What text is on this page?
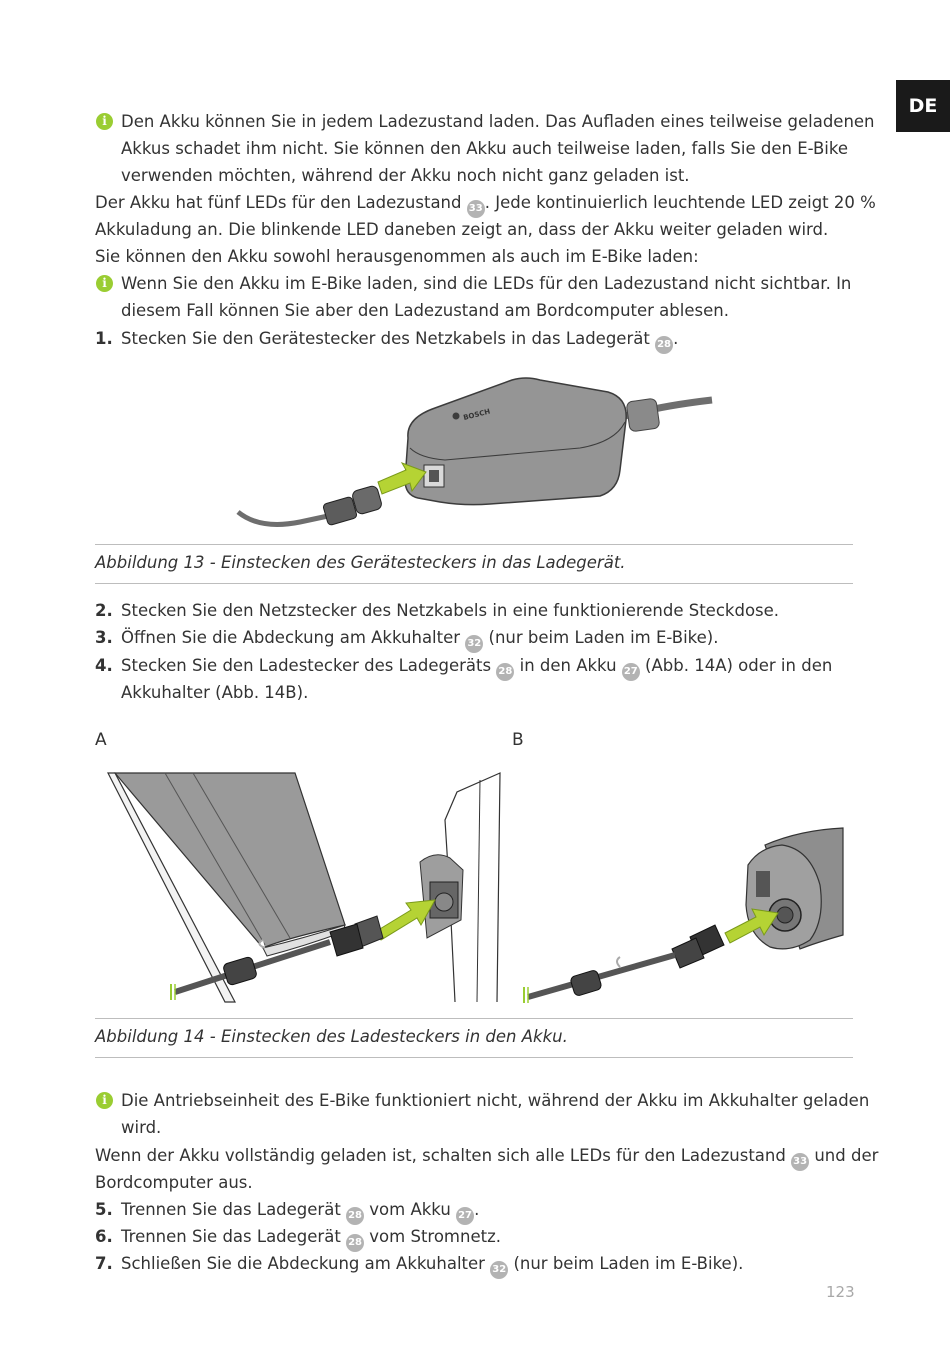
DE
i Den Akku können Sie in jedem Ladezustand laden. Das Aufladen eines teilweise geladenen
Akkus schadet ihm nicht. Sie können den Akku auch teilweise laden, falls Sie den E-Bike
verwenden möchten, während der Akku noch nicht ganz geladen ist.
Der Akku hat fünf LEDs für den Ladezustand 33 . Jede kontinuierlich leuchtende LED zeigt 20 %
Akkuladung an. Die blinkende LED daneben zeigt an, dass der Akku weiter geladen wird.
Sie können den Akku sowohl herausgenommen als auch im E-Bike laden:
i Wenn Sie den Akku im E-Bike laden, sind die LEDs für den Ladezustand nicht sichtbar. In
diesem Fall können Sie aber den Ladezustand am Bordcomputer ablesen.
1. Stecken Sie den Gerätestecker des Netzkabels in das Ladegerät 28 .
BOSCH
Abbildung 13 - Einstecken des Gerätesteckers in das Ladegerät.
2. Stecken Sie den Netzstecker des Netzkabels in eine funktionierende Steckdose.
3. Öffnen Sie die Abdeckung am Akkuhalter 32 (nur beim Laden im E-Bike).
4. Stecken Sie den Ladestecker des Ladegeräts 28 in den Akku 27 (Abb. 14A) oder in den
Akkuhalter (Abb. 14B).
A	B
Abbildung 14 - Einstecken des Ladesteckers in den Akku.
i Die Antriebseinheit des E-Bike funktioniert nicht, während der Akku im Akkuhalter geladen
wird.
Wenn der Akku vollständig geladen ist, schalten sich alle LEDs für den Ladezustand 33 und der
Bordcomputer aus.
5. Trennen Sie das Ladegerät 28 vom Akku 27 .
6. Trennen Sie das Ladegerät 28 vom Stromnetz.
7. Schließen Sie die Abdeckung am Akkuhalter 32 (nur beim Laden im E-Bike).
123
